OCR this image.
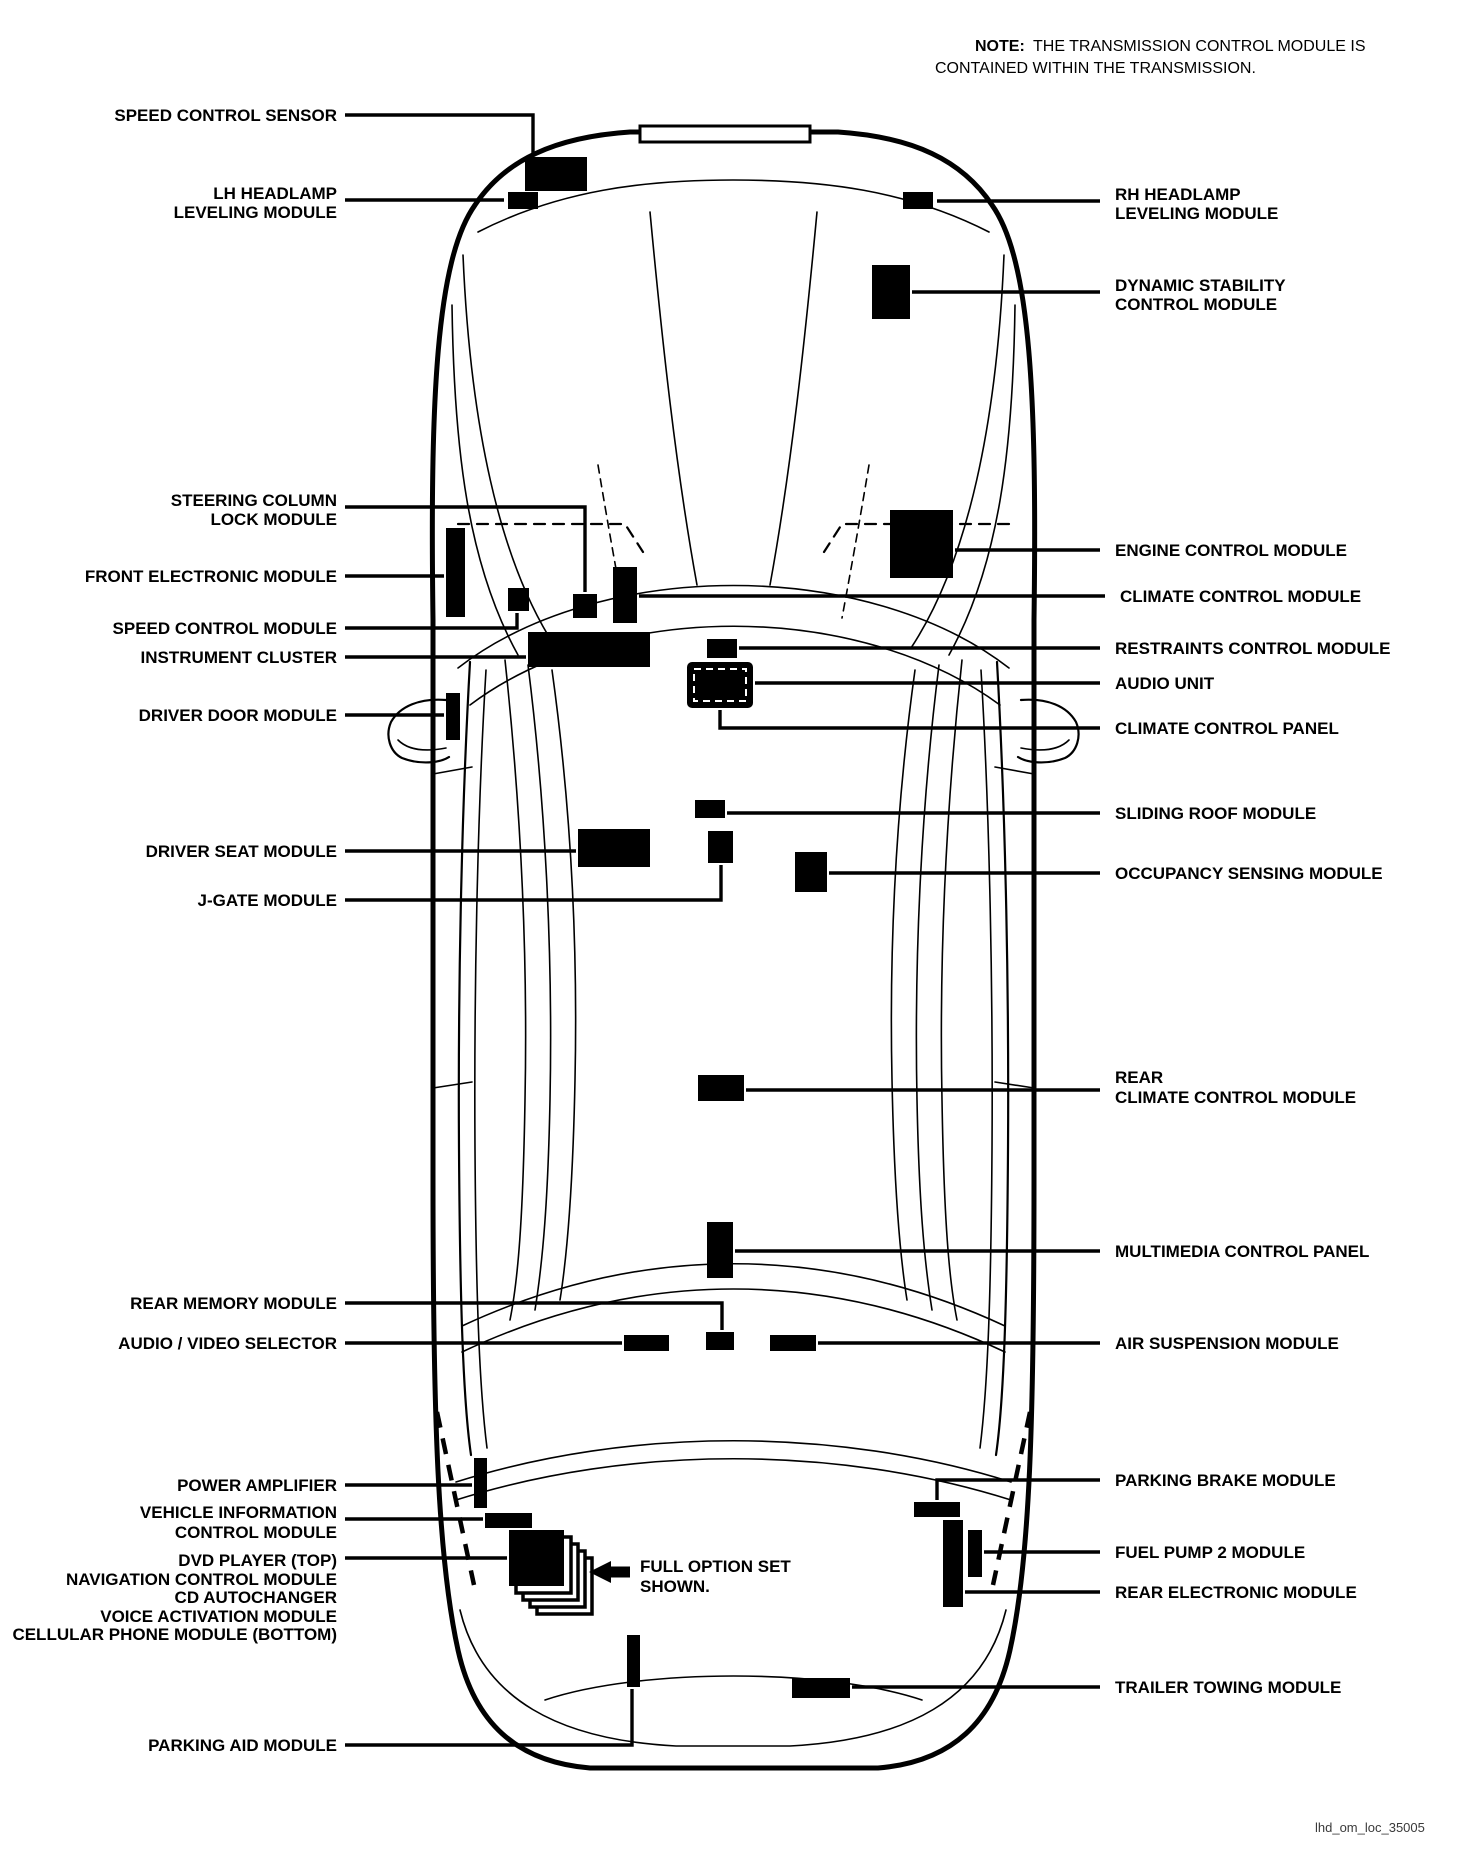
SPEED CONTROL SENSOR
LH HEADLAMP
LEVELING MODULE
STEERING COLUMN
LOCK MODULE
FRONT ELECTRONIC MODULE
SPEED CONTROL MODULE
INSTRUMENT CLUSTER
DRIVER DOOR MODULE
DRIVER SEAT MODULE
J-GATE MODULE
REAR MEMORY MODULE
AUDIO / VIDEO SELECTOR
POWER AMPLIFIER
VEHICLE INFORMATION
CONTROL MODULE
DVD PLAYER (TOP)
NAVIGATION CONTROL MODULE
CD AUTOCHANGER
VOICE ACTIVATION MODULE
CELLULAR PHONE MODULE (BOTTOM)
PARKING AID MODULE
RH HEADLAMP
LEVELING MODULE
DYNAMIC STABILITY
CONTROL MODULE
ENGINE CONTROL MODULE
CLIMATE CONTROL MODULE
RESTRAINTS CONTROL MODULE
AUDIO UNIT
CLIMATE CONTROL PANEL
SLIDING ROOF MODULE
OCCUPANCY SENSING MODULE
REAR
CLIMATE CONTROL MODULE
MULTIMEDIA CONTROL PANEL
AIR SUSPENSION MODULE
PARKING BRAKE MODULE
FUEL PUMP 2 MODULE
REAR ELECTRONIC MODULE
TRAILER TOWING MODULE
NOTE: THE TRANSMISSION CONTROL MODULE IS
CONTAINED WITHIN THE TRANSMISSION.
FULL OPTION SET
SHOWN.
lhd_om_loc_35005
